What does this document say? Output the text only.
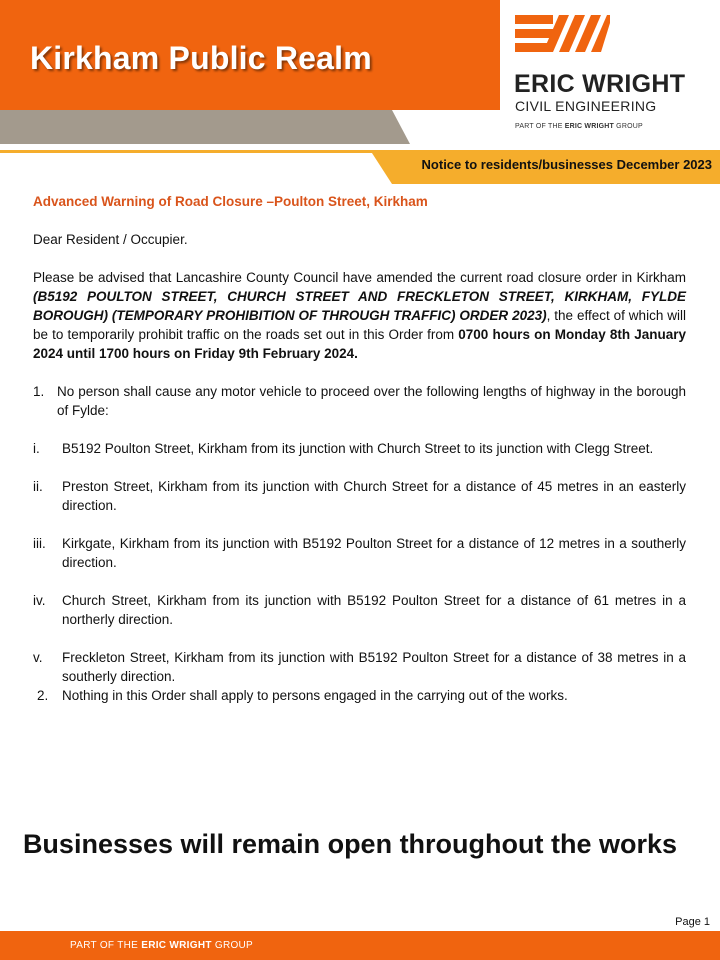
Kirkham Public Realm
ERIC WRIGHT
CIVIL ENGINEERING
PART OF THE ERIC WRIGHT GROUP
Notice to residents/businesses December 2023

Advanced Warning of Road Closure –Poulton Street, Kirkham

Dear Resident / Occupier.

Please be advised that Lancashire County Council have amended the current road closure order in Kirkham (B5192 POULTON STREET, CHURCH STREET AND FRECKLETON STREET, KIRKHAM, FYLDE BOROUGH) (TEMPORARY PROHIBITION OF THROUGH TRAFFIC) ORDER 2023), the effect of which will be to temporarily prohibit traffic on the roads set out in this Order from 0700 hours on Monday 8th January 2024 until 1700 hours on Friday 9th February 2024.

1. No person shall cause any motor vehicle to proceed over the following lengths of highway in the borough of Fylde:
i.	B5192 Poulton Street, Kirkham from its junction with Church Street to its junction with Clegg Street.
ii.	Preston Street, Kirkham from its junction with Church Street for a distance of 45 metres in an easterly direction.
iii.	Kirkgate, Kirkham from its junction with B5192 Poulton Street for a distance of 12 metres in a southerly direction.
iv.	Church Street, Kirkham from its junction with B5192 Poulton Street for a distance of 61 metres in a northerly direction.
v.	Freckleton Street, Kirkham from its junction with B5192 Poulton Street for a distance of 38 metres in a southerly direction.
2.	Nothing in this Order shall apply to persons engaged in the carrying out of the works.
Businesses will remain open throughout the works
Page 1
PART OF THE ERIC WRIGHT GROUP
